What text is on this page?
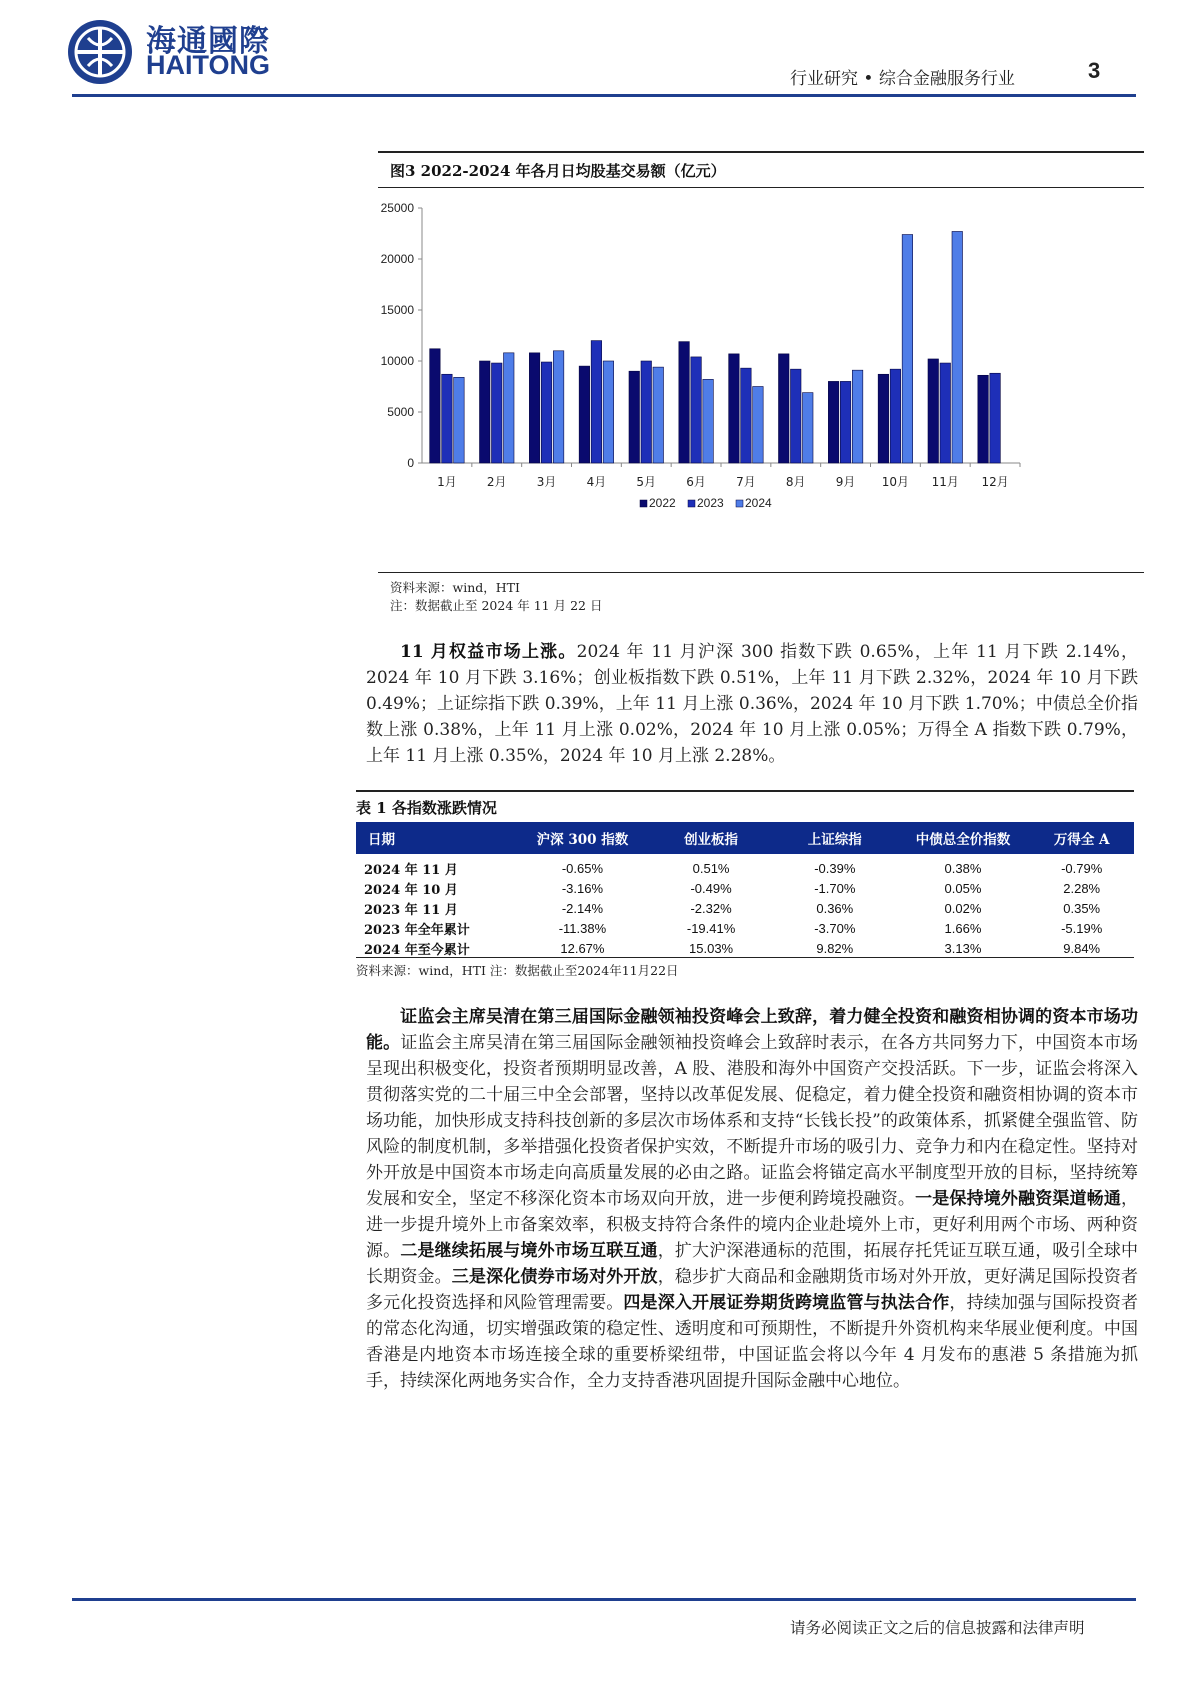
海通國際
HAITONG	行业研究 • 综合金融服务行业	3
图3 2022-2024 年各月日均股基交易额（亿元）
0
5000
10000
15000
20000
25000
1月	2月	3月	4月	5月	6月	7月	8月	9月 10月 11月 12月
2022 2023 2024
资料来源：wind，HTI
注：数据截止至 2024 年 11 月 22 日
11 月权益市场上涨。2024 年 11 月沪深 300 指数下跌 0.65%，上年 11 月下跌 2.14%，2024 年 10 月下跌 3.16%；创业板指数下跌 0.51%，上年 11 月下跌 2.32%，2024 年 10 月下跌 0.49%；上证综指下跌 0.39%，上年 11 月上涨 0.36%，2024 年 10 月下跌 1.70%；中债总全价指数上涨 0.38%，上年 11 月上涨 0.02%，2024 年 10 月上涨 0.05%；万得全 A 指数下跌 0.79%，上年 11 月上涨 0.35%，2024 年 10 月上涨 2.28%。
表 1 各指数涨跌情况
日期	沪深 300 指数	创业板指	上证综指	中债总全价指数	万得全 A

2024 年 11 月	-0.65%	0.51%	-0.39%	0.38%	-0.79%
2024 年 10 月	-3.16%	-0.49%	-1.70%	0.05%	2.28%
2023 年 11 月	-2.14%	-2.32%	0.36%	0.02%	0.35%
2023 年全年累计	-11.38%	-19.41%	-3.70%	1.66%	-5.19%
2024 年至今累计	12.67%	15.03%	9.82%	3.13%	9.84%
资料来源：wind，HTI 注：数据截止至2024年11月22日
证监会主席吴清在第三届国际金融领袖投资峰会上致辞，着力健全投资和融资相协调的资本市场功能。证监会主席吴清在第三届国际金融领袖投资峰会上致辞时表示，在各方共同努力下，中国资本市场呈现出积极变化，投资者预期明显改善，A 股、港股和海外中国资产交投活跃。下一步，证监会将深入贯彻落实党的二十届三中全会部署，坚持以改革促发展、促稳定，着力健全投资和融资相协调的资本市场功能，加快形成支持科技创新的多层次市场体系和支持“长钱长投”的政策体系，抓紧健全强监管、防风险的制度机制，多举措强化投资者保护实效，不断提升市场的吸引力、竞争力和内在稳定性。坚持对外开放是中国资本市场走向高质量发展的必由之路。证监会将锚定高水平制度型开放的目标，坚持统筹发展和安全，坚定不移深化资本市场双向开放，进一步便利跨境投融资。一是保持境外融资渠道畅通，进一步提升境外上市备案效率，积极支持符合条件的境内企业赴境外上市，更好利用两个市场、两种资源。二是继续拓展与境外市场互联互通，扩大沪深港通标的范围，拓展存托凭证互联互通，吸引全球中长期资金。三是深化债券市场对外开放，稳步扩大商品和金融期货市场对外开放，更好满足国际投资者多元化投资选择和风险管理需要。四是深入开展证券期货跨境监管与执法合作，持续加强与国际投资者的常态化沟通，切实增强政策的稳定性、透明度和可预期性，不断提升外资机构来华展业便利度。中国香港是内地资本市场连接全球的重要桥梁纽带，中国证监会将以今年 4 月发布的惠港 5 条措施为抓手，持续深化两地务实合作，全力支持香港巩固提升国际金融中心地位。
请务必阅读正文之后的信息披露和法律声明
